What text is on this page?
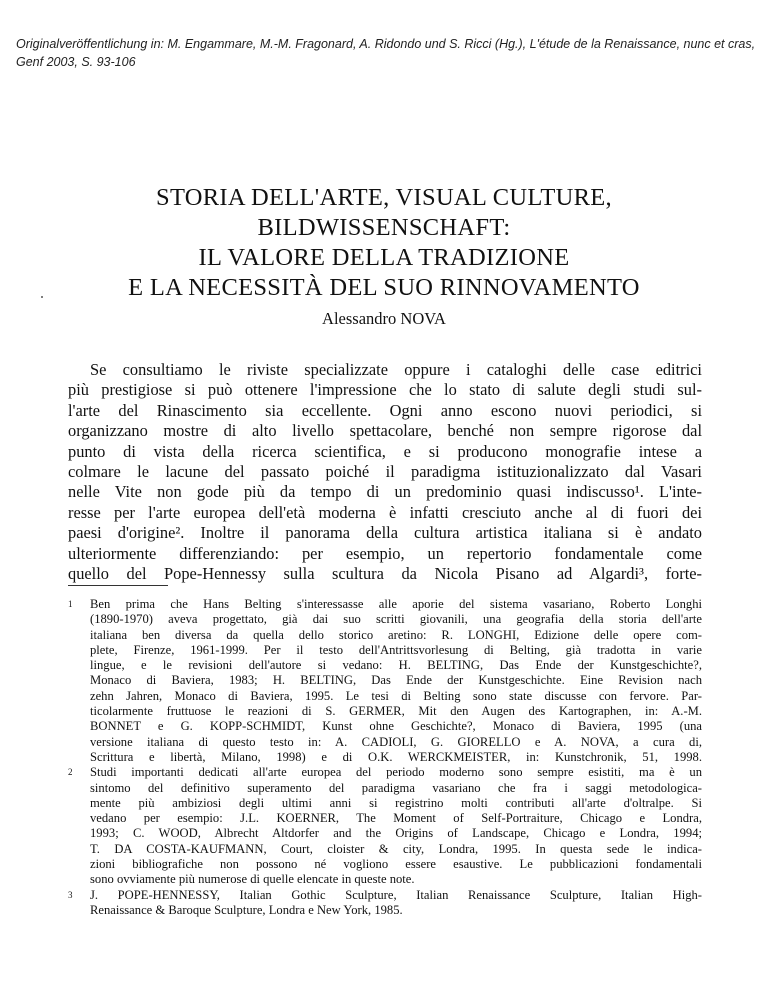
Originalveröffentlichung in: M. Engammare, M.-M. Fragonard, A. Ridondo und S. Ricci (Hg.), L'étude de la Renaissance, nunc et cras, Genf 2003, S. 93-106
STORIA DELL'ARTE, VISUAL CULTURE,
BILDWISSENSCHAFT:
IL VALORE DELLA TRADIZIONE
E LA NECESSITÀ DEL SUO RINNOVAMENTO
Alessandro NOVA
Se consultiamo le riviste specializzate oppure i cataloghi delle case editrici
più prestigiose si può ottenere l'impressione che lo stato di salute degli studi sul-
l'arte del Rinascimento sia eccellente. Ogni anno escono nuovi periodici, si
organizzano mostre di alto livello spettacolare, benché non sempre rigorose dal
punto di vista della ricerca scientifica, e si producono monografie intese a
colmare le lacune del passato poiché il paradigma istituzionalizzato dal Vasari
nelle Vite non gode più da tempo di un predominio quasi indiscusso¹. L'inte-
resse per l'arte europea dell'età moderna è infatti cresciuto anche al di fuori dei
paesi d'origine². Inoltre il panorama della cultura artistica italiana si è andato
ulteriormente differenziando: per esempio, un repertorio fondamentale come
quello del Pope-Hennessy sulla scultura da Nicola Pisano ad Algardi³, forte-
1 Ben prima che Hans Belting s'interessasse alle aporie del sistema vasariano, Roberto Longhi
(1890-1970) aveva progettato, già dai suo scritti giovanili, una geografia della storia dell'arte
italiana ben diversa da quella dello storico aretino: R. LONGHI, Edizione delle opere com-
plete, Firenze, 1961-1999. Per il testo dell'Antrittsvorlesung di Belting, già tradotta in varie
lingue, e le revisioni dell'autore si vedano: H. BELTING, Das Ende der Kunstgeschichte?,
Monaco di Baviera, 1983; H. BELTING, Das Ende der Kunstgeschichte. Eine Revision nach
zehn Jahren, Monaco di Baviera, 1995. Le tesi di Belting sono state discusse con fervore. Par-
ticolarmente fruttuose le reazioni di S. GERMER, Mit den Augen des Kartographen, in: A.-M.
BONNET e G. KOPP-SCHMIDT, Kunst ohne Geschichte?, Monaco di Baviera, 1995 (una
versione italiana di questo testo in: A. CADIOLI, G. GIORELLO e A. NOVA, a cura di,
Scrittura e libertà, Milano, 1998) e di O.K. WERCKMEISTER, in: Kunstchronik, 51, 1998.
2 Studi importanti dedicati all'arte europea del periodo moderno sono sempre esistiti, ma è un
sintomo del definitivo superamento del paradigma vasariano che fra i saggi metodologica-
mente più ambiziosi degli ultimi anni si registrino molti contributi all'arte d'oltralpe. Si
vedano per esempio: J.L. KOERNER, The Moment of Self-Portraiture, Chicago e Londra,
1993; C. WOOD, Albrecht Altdorfer and the Origins of Landscape, Chicago e Londra, 1994;
T. DA COSTA-KAUFMANN, Court, cloister & city, Londra, 1995. In questa sede le indica-
zioni bibliografiche non possono né vogliono essere esaustive. Le pubblicazioni fondamentali
sono ovviamente più numerose di quelle elencate in queste note.
3 J. POPE-HENNESSY, Italian Gothic Sculpture, Italian Renaissance Sculpture, Italian High-
Renaissance & Baroque Sculpture, Londra e New York, 1985.
